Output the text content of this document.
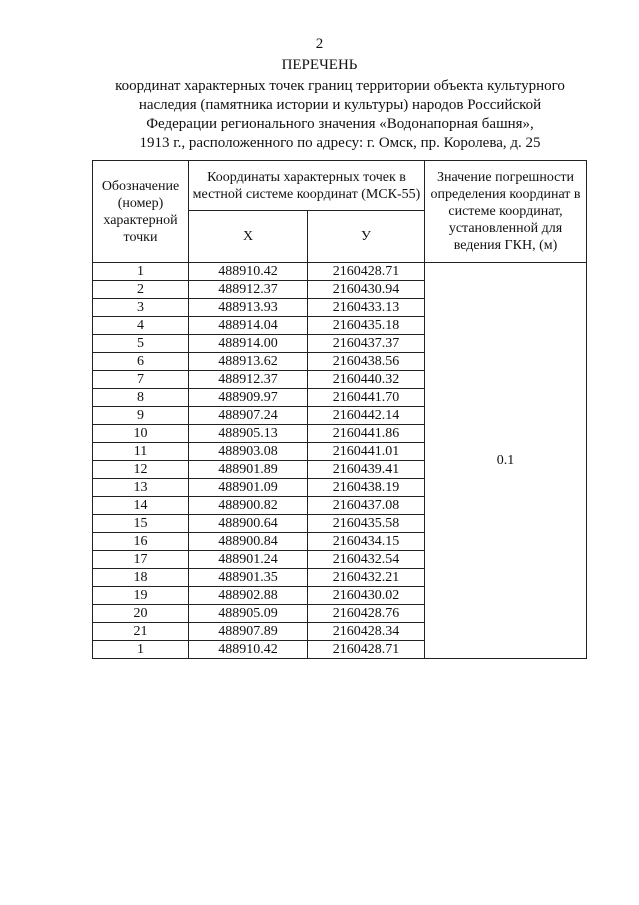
2
ПЕРЕЧЕНЬ
координат характерных точек границ территории объекта культурного
наследия (памятника истории и культуры) народов Российской
Федерации регионального значения «Водонапорная башня»,
1913 г., расположенного по адресу: г. Омск, пр. Королева, д. 25
Обозначение (номер) характерной точки	Координаты характерных точек в местной системе координат (МСК-55)		Значение погрешности определения координат в системе координат, установленной для ведения ГКН, (м)
	X	У	
1	488910.42	2160428.71	0.1
2	488912.37	2160430.94	
3	488913.93	2160433.13	
4	488914.04	2160435.18	
5	488914.00	2160437.37	
6	488913.62	2160438.56	
7	488912.37	2160440.32	
8	488909.97	2160441.70	
9	488907.24	2160442.14	
10	488905.13	2160441.86	
11	488903.08	2160441.01	
12	488901.89	2160439.41	
13	488901.09	2160438.19	
14	488900.82	2160437.08	
15	488900.64	2160435.58	
16	488900.84	2160434.15	
17	488901.24	2160432.54	
18	488901.35	2160432.21	
19	488902.88	2160430.02	
20	488905.09	2160428.76	
21	488907.89	2160428.34	
1	488910.42	2160428.71	
